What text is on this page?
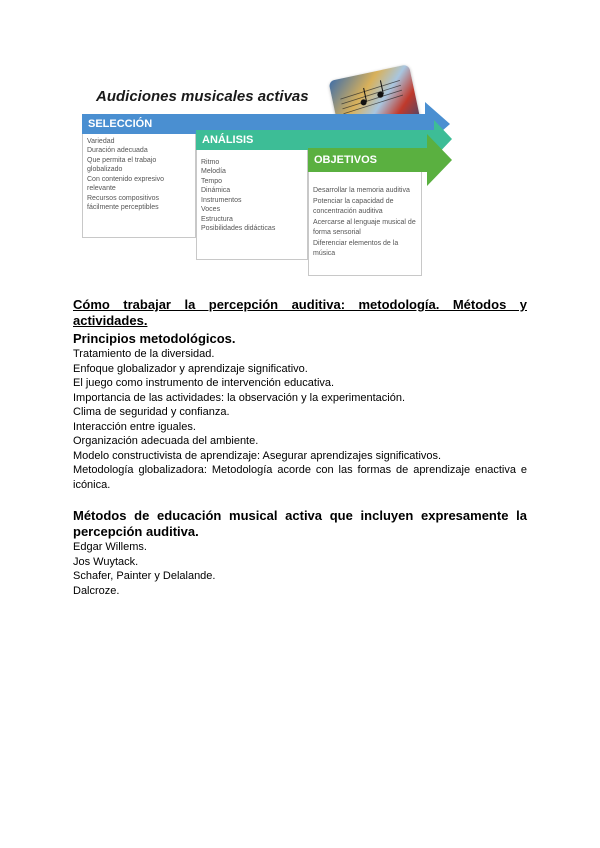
Audiciones musicales activas
SELECCIÓN
ANÁLISIS
OBJETIVOS
Variedad
Duración adecuada
Que permita el trabajo globalizado
Con contenido expresivo relevante
Recursos compositivos fácilmente perceptibles
Ritmo
Melodía
Tempo
Dinámica
Instrumentos
Voces
Estructura
Posibilidades didácticas
Desarrollar la memoria auditiva
Potenciar la capacidad de concentración auditiva
Acercarse al lenguaje musical de forma sensorial
Diferenciar elementos de la música
Cómo trabajar la percepción auditiva: metodología. Métodos y
actividades.
Principios metodológicos.
Tratamiento de la diversidad.
Enfoque globalizador y aprendizaje significativo.
El juego como instrumento de intervención educativa.
Importancia de las actividades: la observación y la experimentación.
Clima de seguridad y confianza.
Interacción entre iguales.
Organización adecuada del ambiente.
Modelo constructivista de aprendizaje: Asegurar aprendizajes significativos.
Metodología globalizadora: Metodología acorde con las formas de aprendizaje enactiva e
icónica.
Métodos de educación musical activa que incluyen expresamente la
percepción auditiva.
Edgar Willems.
Jos Wuytack.
Schafer, Painter y Delalande.
Dalcroze.
